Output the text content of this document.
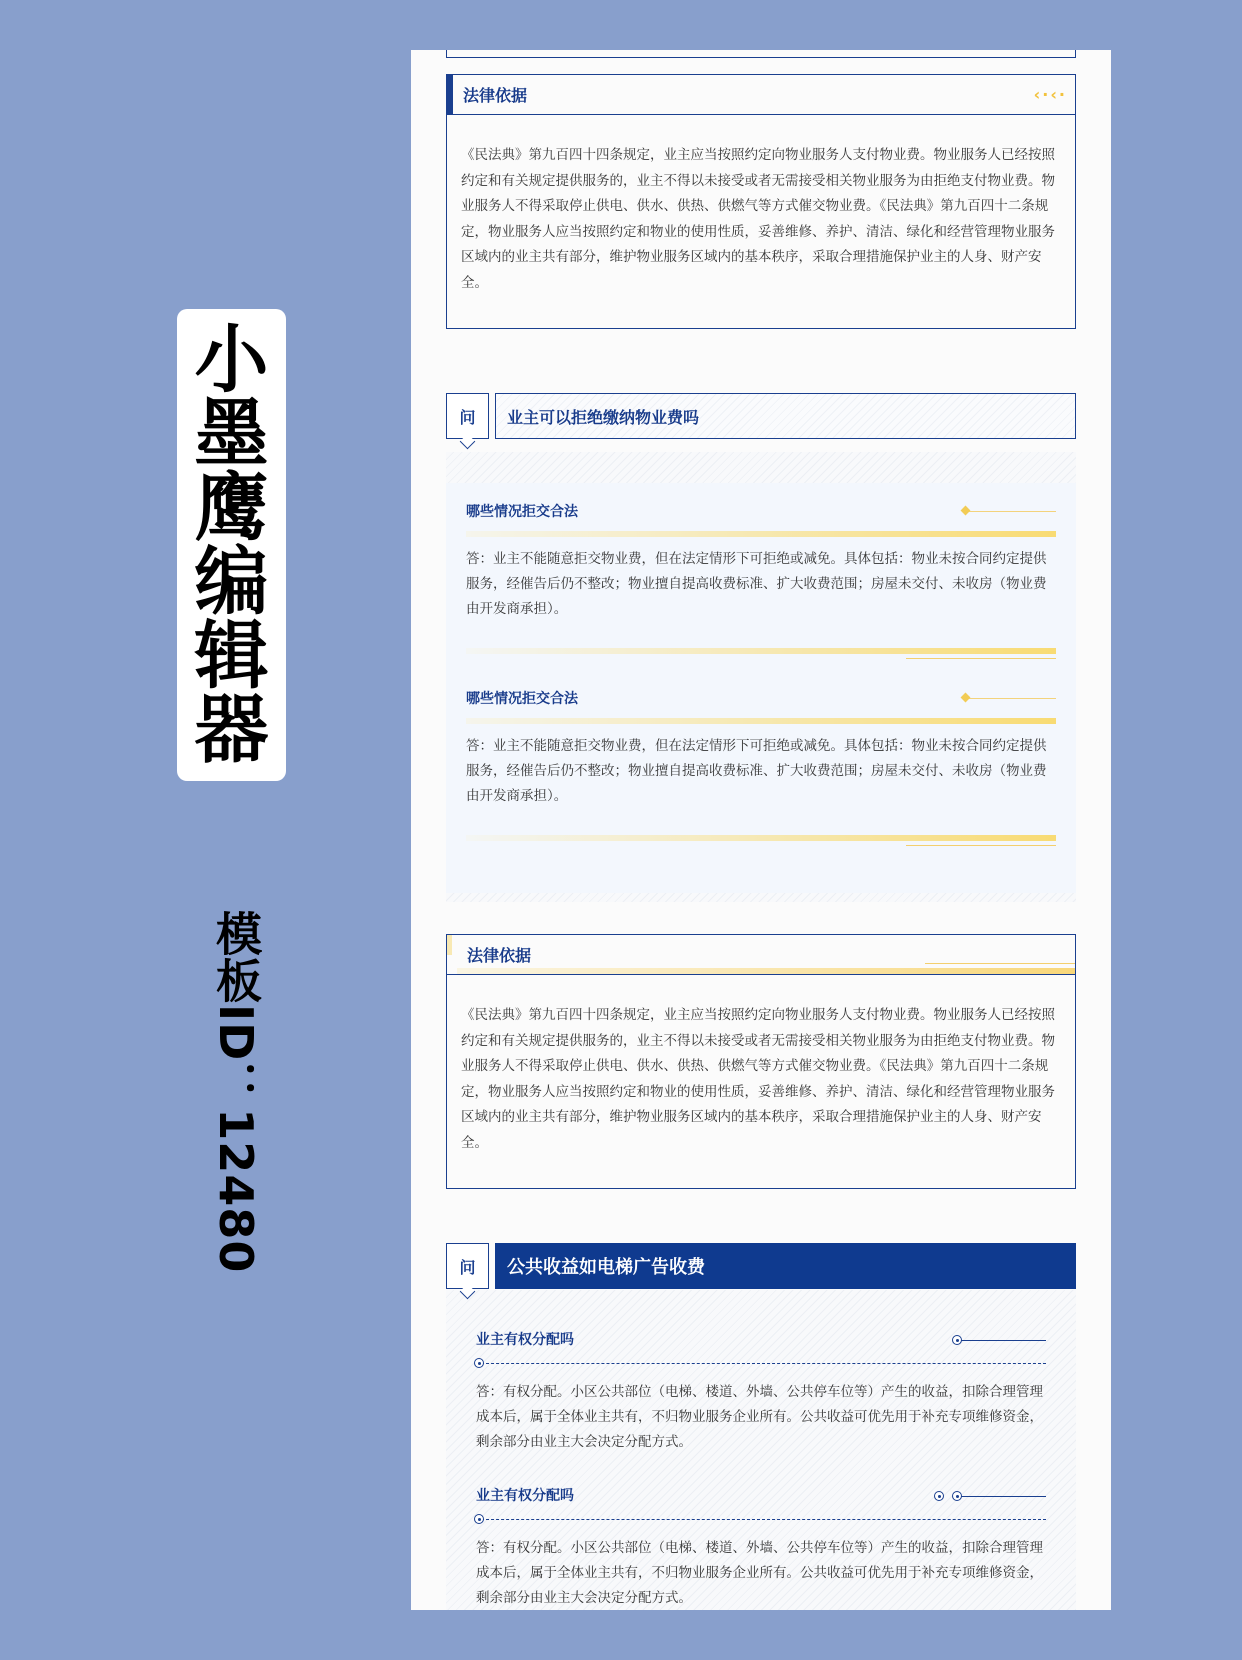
小
墨
鹰
编
辑
器
模板ID：12480
法律依据	‹·‹·
《民法典》第九百四十四条规定，业主应当按照约定向物业服务人支付物业费。物业服务人已经按照约定和有关规定提供服务的，业主不得以未接受或者无需接受相关物业服务为由拒绝支付物业费。物业服务人不得采取停止供电、供水、供热、供燃气等方式催交物业费。《民法典》第九百四十二条规定，物业服务人应当按照约定和物业的使用性质，妥善维修、养护、清洁、绿化和经营管理物业服务区域内的业主共有部分，维护物业服务区域内的基本秩序，采取合理措施保护业主的人身、财产安全。
问	业主可以拒绝缴纳物业费吗
哪些情况拒交合法
答：业主不能随意拒交物业费，但在法定情形下可拒绝或减免。具体包括：物业未按合同约定提供服务，经催告后仍不整改；物业擅自提高收费标准、扩大收费范围；房屋未交付、未收房（物业费由开发商承担）。
哪些情况拒交合法
答：业主不能随意拒交物业费，但在法定情形下可拒绝或减免。具体包括：物业未按合同约定提供服务，经催告后仍不整改；物业擅自提高收费标准、扩大收费范围；房屋未交付、未收房（物业费由开发商承担）。
法律依据
《民法典》第九百四十四条规定，业主应当按照约定向物业服务人支付物业费。物业服务人已经按照约定和有关规定提供服务的，业主不得以未接受或者无需接受相关物业服务为由拒绝支付物业费。物业服务人不得采取停止供电、供水、供热、供燃气等方式催交物业费。《民法典》第九百四十二条规定，物业服务人应当按照约定和物业的使用性质，妥善维修、养护、清洁、绿化和经营管理物业服务区域内的业主共有部分，维护物业服务区域内的基本秩序，采取合理措施保护业主的人身、财产安全。
问	公共收益如电梯广告收费
业主有权分配吗
答：有权分配。小区公共部位（电梯、楼道、外墙、公共停车位等）产生的收益，扣除合理管理成本后，属于全体业主共有，不归物业服务企业所有。公共收益可优先用于补充专项维修资金，剩余部分由业主大会决定分配方式。
业主有权分配吗
答：有权分配。小区公共部位（电梯、楼道、外墙、公共停车位等）产生的收益，扣除合理管理成本后，属于全体业主共有，不归物业服务企业所有。公共收益可优先用于补充专项维修资金，剩余部分由业主大会决定分配方式。
